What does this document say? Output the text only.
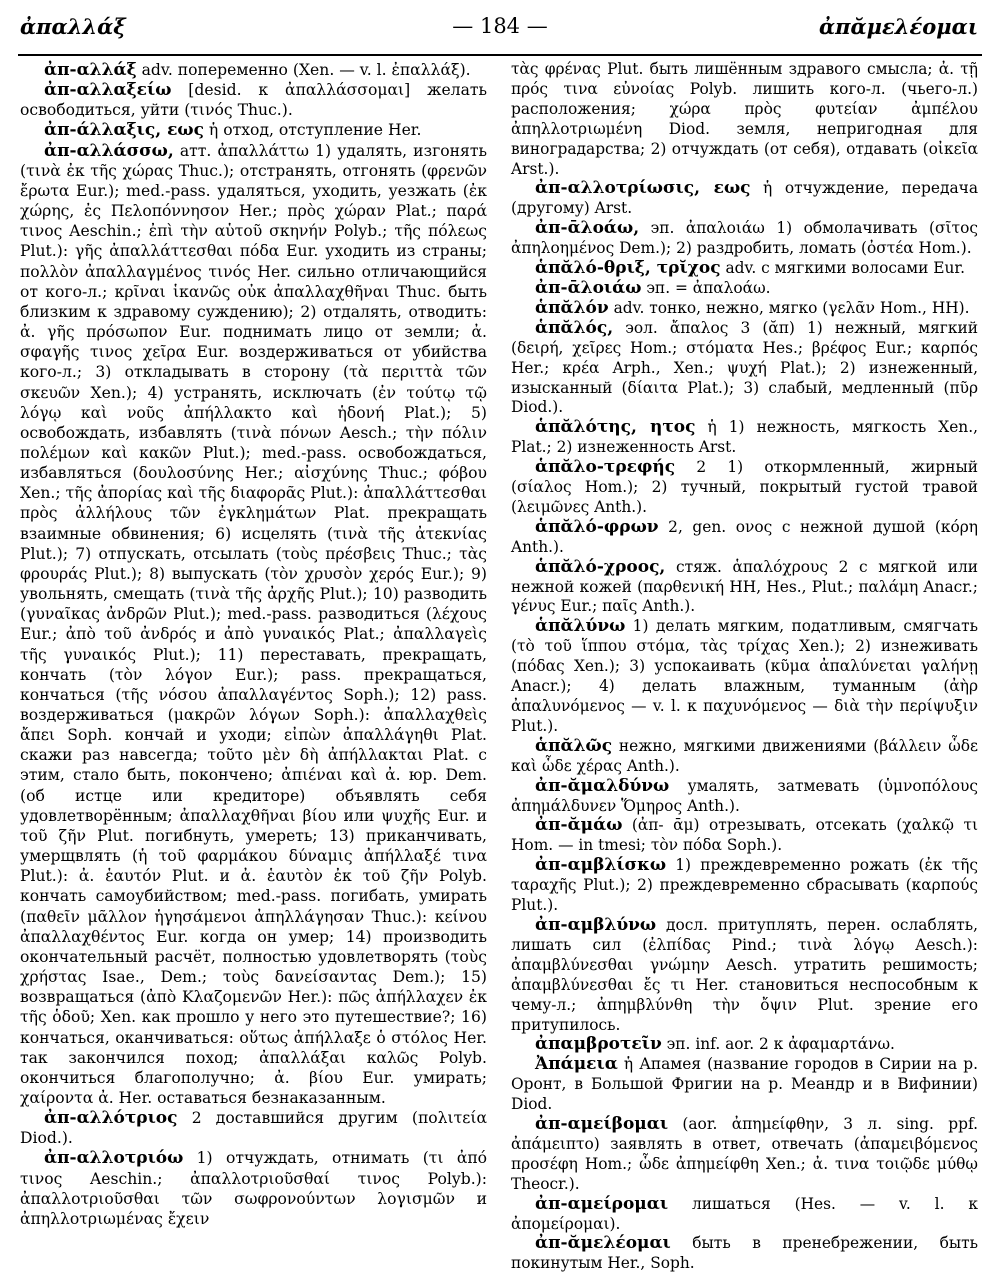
ἀπαλλάξ	— 184 —	ἀπᾰμελέομαι

ἀπ-αλλάξ adv. попеременно (Xen. — v. l. ἐπαλλάξ).

ἀπ-αλλαξείω [desid. к ἀπαλλάσσομαι] желать освободиться, уйти (τινός Thuc.).

ἀπ-άλλαξις, εως ἡ отход, отступление Her.

ἀπ-αλλάσσω, атт. ἀπαλλάττω 1) удалять, изгонять (τινὰ ἐκ τῆς χώρας Thuc.); отстранять, отгонять (φρενῶν ἔρωτα Eur.); med.-pass. удаляться, уходить, уезжать (ἐκ χώρης, ἐς Πελοπόννησον Her.; πρὸς χώραν Plat.; παρά τινος Aeschin.; ἐπὶ τὴν αὑτοῦ σκηνήν Polyb.; τῆς πόλεως Plut.): γῆς ἀπαλλάττεσθαι πόδα Eur. уходить из страны; πολλὸν ἀπαλλαγμένος τινός Her. сильно отличающийся от кого-л.; κρῖναι ἱκανῶς οὐκ ἀπαλλαχθῆναι Thuc. быть близким к здравому суждению); 2) отдалять, отводить: ἀ. γῆς πρόσωπον Eur. поднимать лицо от земли; ἀ. σφαγῆς τινος χεῖρα Eur. воздерживаться от убийства кого-л.; 3) откладывать в сторону (τὰ περιττὰ τῶν σκευῶν Xen.); 4) устранять, исключать (ἐν τούτῳ τῷ λόγῳ καὶ νοῦς ἀπήλλακτο καὶ ἡδονή Plat.); 5) освобождать, избавлять (τινὰ πόνων Aesch.; τὴν πόλιν πολέμων καὶ κακῶν Plut.); med.-pass. освобождаться, избавляться (δουλοσύνης Her.; αἰσχύνης Thuc.; φόβου Xen.; τῆς ἀπορίας καὶ τῆς διαφορᾶς Plut.): ἀπαλλάττεσθαι πρὸς ἀλλήλους τῶν ἐγκλημάτων Plat. прекращать взаимные обвинения; 6) исцелять (τινὰ τῆς ἀτεκνίας Plut.); 7) отпускать, отсылать (τοὺς πρέσβεις Thuc.; τὰς φρουράς Plut.); 8) выпускать (τὸν χρυσὸν χερός Eur.); 9) увольнять, смещать (τινὰ τῆς ἀρχῆς Plut.); 10) разводить (γυναῖκας ἀνδρῶν Plut.); med.-pass. разводиться (λέχους Eur.; ἀπὸ τοῦ ἀνδρός и ἀπὸ γυναικός Plat.; ἀπαλλαγεὶς τῆς γυναικός Plut.); 11) переставать, прекращать, кончать (τὸν λόγον Eur.); pass. прекращаться, кончаться (τῆς νόσου ἀπαλλαγέντος Soph.); 12) pass. воздерживаться (μακρῶν λόγων Soph.): ἀπαλλαχθεὶς ἄπει Soph. кончай и уходи; εἰπὼν ἀπαλλάγηθι Plat. скажи раз навсегда; τοῦτο μὲν δὴ ἀπήλλακται Plat. с этим, стало быть, покончено; ἀπιέναι καὶ ἀ. юр. Dem. (об истце или кредиторе) объявлять себя удовлетворённым; ἀπαλλαχθῆναι βίου или ψυχῆς Eur. и τοῦ ζῆν Plut. погибнуть, умереть; 13) приканчивать, умерщвлять (ἡ τοῦ φαρμάκου δύναμις ἀπήλλαξέ τινα Plut.): ἀ. ἑαυτόν Plut. и ἀ. ἑαυτὸν ἐκ τοῦ ζῆν Polyb. кончать самоубийством; med.-pass. погибать, умирать (παθεῖν μᾶλλον ἡγησάμενοι ἀπηλλάγησαν Thuc.): κείνου ἀπαλλαχθέντος Eur. когда он умер; 14) производить окончательный расчёт, полностью удовлетворять (τοὺς χρήστας Isae., Dem.; τοὺς δανείσαντας Dem.); 15) возвращаться (ἀπὸ Κλαζομενῶν Her.): πῶς ἀπήλλαχεν ἐκ τῆς ὁδοῦ; Xen. как прошло у него это путешествие?; 16) кончаться, оканчиваться: οὕτως ἀπήλλαξε ὁ στόλος Her. так закончился поход; ἀπαλλάξαι καλῶς Polyb. окончиться благополучно; ἀ. βίου Eur. умирать; χαίροντα ἀ. Her. оставаться безнаказанным.

ἀπ-αλλότριος 2 доставшийся другим (πολιτεία Diod.).

ἀπ-αλλοτριόω 1) отчуждать, отнимать (τι ἀπό τινος Aeschin.; ἀπαλλοτριοῦσθαί τινος Polyb.): ἀπαλλοτριοῦσθαι τῶν σωφρονούντων λογισμῶν и ἀπηλλοτριωμένας ἔχειν

τὰς φρένας Plut. быть лишённым здравого смысла; ἀ. τῇ πρός τινα εὐνοίας Polyb. лишить кого-л. (чьего-л.) расположения; χώρα πρὸς φυτείαν ἀμπέλου ἀπηλλοτριωμένη Diod. земля, непригодная для виноградарства; 2) отчуждать (от себя), отдавать (οἰκεῖα Arst.).

ἀπ-αλλοτρίωσις, εως ἡ отчуждение, передача (другому) Arst.

ἀπ-ᾱλοάω, эп. ἀπαλοιάω 1) обмолачивать (σῖτος ἀπηλοημένος Dem.); 2) раздробить, ломать (ὀστέα Hom.).

ἁπᾰλό-θριξ, τρῐχος adv. с мягкими волосами Eur.

ἀπ-ᾱλοιάω эп. = ἀπαλοάω.

ἁπᾰλόν adv. тонко, нежно, мягко (γελᾶν Hom., HH).

ἁπᾰλός, эол. ἄπαλος 3 (ᾰπ) 1) нежный, мягкий (δειρή, χεῖρες Hom.; στόματα Hes.; βρέφος Eur.; καρπός Her.; κρέα Arph., Xen.; ψυχή Plat.); 2) изнеженный, изысканный (δίαιτα Plat.); 3) слабый, медленный (πῦρ Diod.).

ἁπᾰλότης, ητος ἡ 1) нежность, мягкость Xen., Plat.; 2) изнеженность Arst.

ἁπᾰλο-τρεφής 2 1) откормленный, жирный (σίαλος Hom.); 2) тучный, покрытый густой травой (λειμῶνες Anth.).

ἁπᾰλό-φρων 2, gen. ονος с нежной душой (κόρη Anth.).

ἁπᾰλό-χροος, стяж. ἁπαλόχρους 2 с мягкой или нежной кожей (παρθενική HH, Hes., Plut.; παλάμη Anacr.; γένυς Eur.; παῖς Anth.).

ἁπᾰλύνω 1) делать мягким, податливым, смягчать (τὸ τοῦ ἵππου στόμα, τὰς τρίχας Xen.); 2) изнеживать (πόδας Xen.); 3) успокаивать (κῦμα ἀπαλύνεται γαλήνῃ Anacr.); 4) делать влажным, туманным (ἀὴρ ἀπαλυνόμενος — v. l. к παχυνόμενος — διὰ τὴν περίψυξιν Plut.).

ἁπᾰλῶς нежно, мягкими движениями (βάλλειν ὧδε καὶ ὧδε χέρας Anth.).

ἀπ-ᾰμαλδύνω умалять, затмевать (ὑμνοπόλους ἀπημάλδυνεν Ὅμηρος Anth.).

ἀπ-ᾰμάω (ἀπ- ᾱμ) отрезывать, отсекать (χαλκῷ τι Hom. — in tmesi; τὸν πόδα Soph.).

ἀπ-αμβλίσκω 1) преждевременно рожать (ἐκ τῆς ταραχῆς Plut.); 2) преждевременно сбрасывать (καρπούς Plut.).

ἀπ-αμβλύνω досл. притуплять, перен. ослаблять, лишать сил (ἐλπίδας Pind.; τινὰ λόγῳ Aesch.): ἀπαμβλύνεσθαι γνώμην Aesch. утратить решимость; ἀπαμβλύνεσθαι ἔς τι Her. становиться неспособным к чему-л.; ἀπημβλύνθη τὴν ὄψιν Plut. зрение его притупилось.

ἀπαμβροτεῖν эп. inf. aor. 2 к ἀφαμαρτάνω.

Ἀπάμεια ἡ Апамея (название городов в Сирии на р. Оронт, в Большой Фригии на р. Меандр и в Вифинии) Diod.

ἀπ-αμείβομαι (aor. ἀπημείφθην, 3 л. sing. ppf. ἀπάμειπτο) заявлять в ответ, отвечать (ἀπαμειβόμενος προσέφη Hom.; ὧδε ἀπημείφθη Xen.; ἀ. τινα τοιῷδε μύθῳ Theocr.).

ἀπ-αμείρομαι лишаться (Hes. — v. l. к ἀπομείρομαι).

ἀπ-ᾰμελέομαι быть в пренебрежении, быть покинутым Her., Soph.
